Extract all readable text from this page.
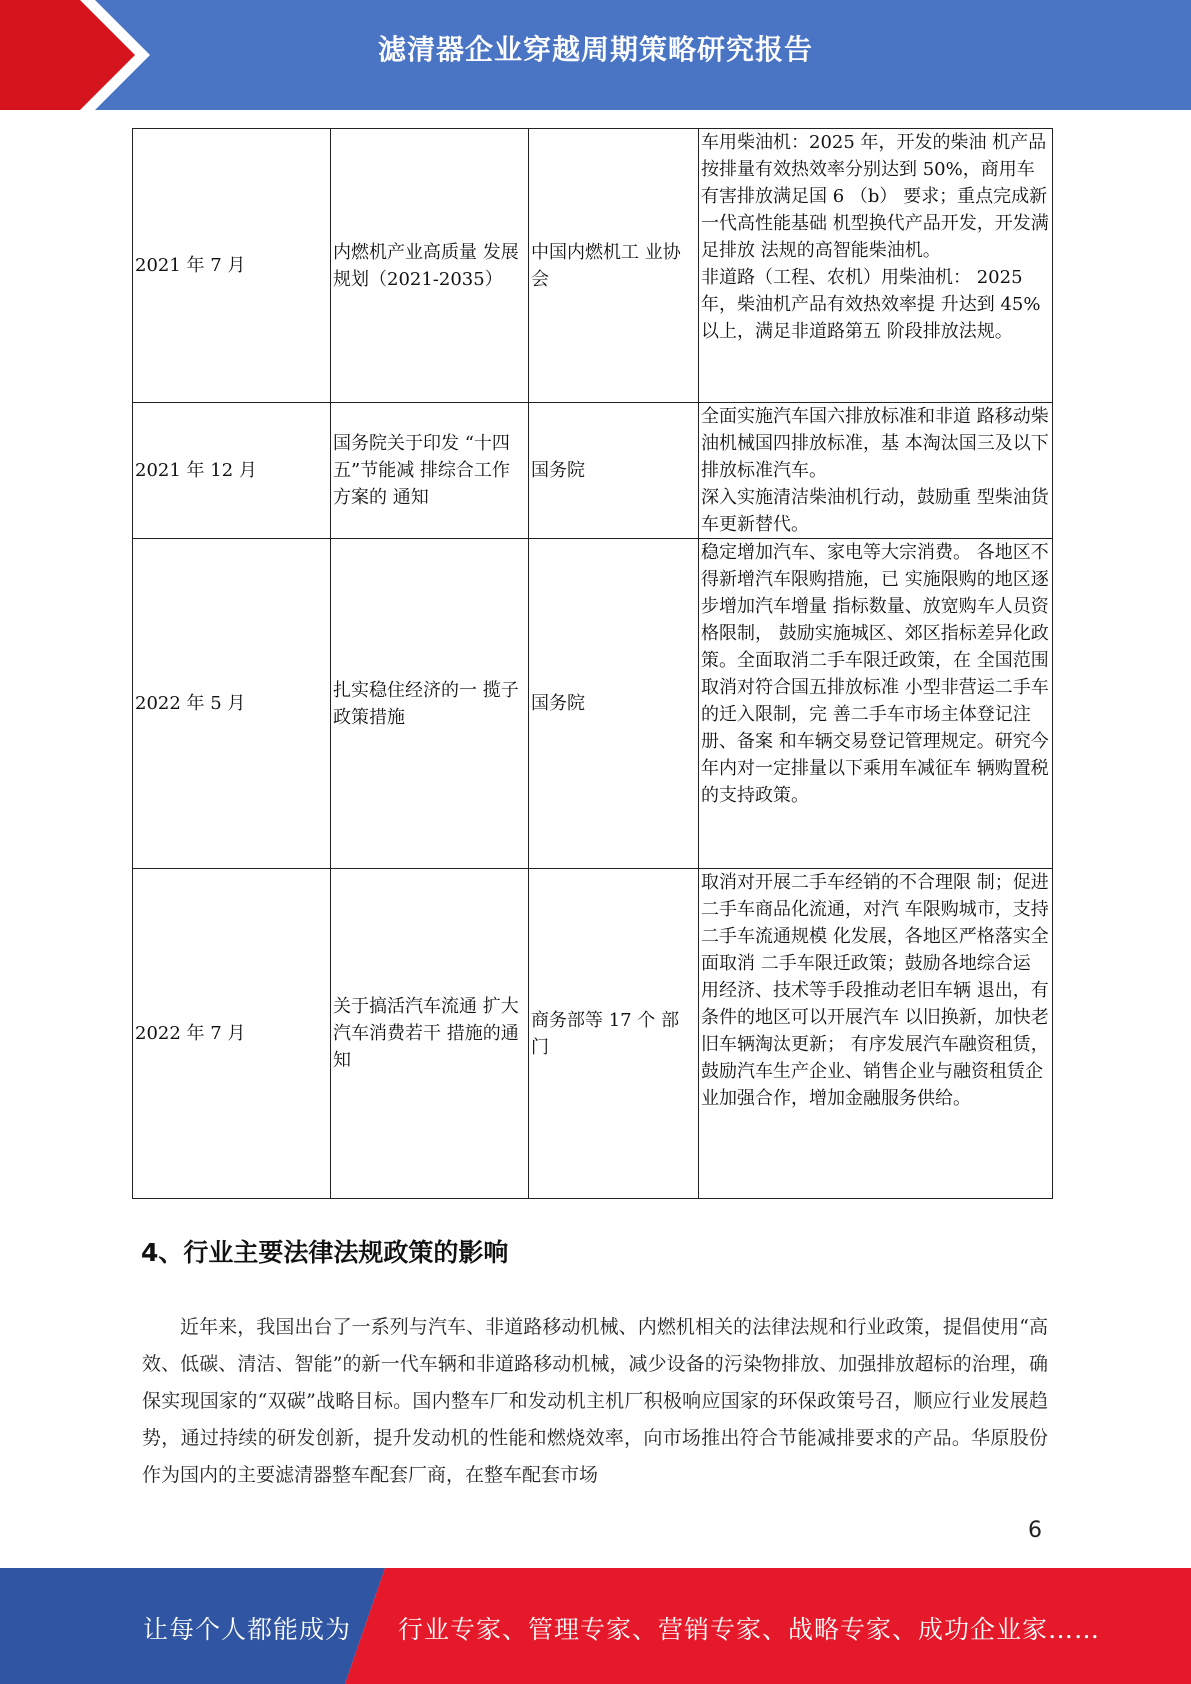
滤清器企业穿越周期策略研究报告
2021 年 7 月	内燃机产业高质量 发展规划（2021-2035）	中国内燃机工 业协会	车用柴油机：2025 年，开发的柴油 机产品按排量有效热效率分别达到 50%，商用车有害排放满足国 6 （b） 要求；重点完成新一代高性能基础 机型换代产品开发，开发满足排放 法规的高智能柴油机。
非道路（工程、农机）用柴油机： 2025 年，柴油机产品有效热效率提 升达到 45%以上，满足非道路第五 阶段排放法规。

2021 年 12 月	国务院关于印发 “十四五”节能减 排综合工作方案的 通知	国务院	全面实施汽车国六排放标准和非道 路移动柴油机械国四排放标准，基 本淘汰国三及以下排放标准汽车。
深入实施清洁柴油机行动，鼓励重 型柴油货车更新替代。

2022 年 5 月	扎实稳住经济的一 揽子政策措施	国务院	稳定增加汽车、家电等大宗消费。 各地区不得新增汽车限购措施，已 实施限购的地区逐步增加汽车增量 指标数量、放宽购车人员资格限制， 鼓励实施城区、郊区指标差异化政 策。全面取消二手车限迁政策，在 全国范围取消对符合国五排放标准 小型非营运二手车的迁入限制，完 善二手车市场主体登记注册、备案 和车辆交易登记管理规定。研究今年内对一定排量以下乘用车减征车 辆购置税的支持政策。

2022 年 7 月	关于搞活汽车流通 扩大汽车消费若干 措施的通知	商务部等 17 个 部门	取消对开展二手车经销的不合理限 制；促进二手车商品化流通，对汽 车限购城市，支持二手车流通规模 化发展，各地区严格落实全面取消 二手车限迁政策；鼓励各地综合运 用经济、技术等手段推动老旧车辆 退出，有条件的地区可以开展汽车 以旧换新，加快老旧车辆淘汰更新； 有序发展汽车融资租赁，鼓励汽车生产企业、销售企业与融资租赁企 业加强合作，增加金融服务供给。
4、行业主要法律法规政策的影响
近年来，我国出台了一系列与汽车、非道路移动机械、内燃机相关的法律法规和行业政策，提倡使用“高效、低碳、清洁、智能”的新一代车辆和非道路移动机械，减少设备的污染物排放、加强排放超标的治理，确保实现国家的“双碳”战略目标。国内整车厂和发动机主机厂积极响应国家的环保政策号召，顺应行业发展趋势，通过持续的研发创新，提升发动机的性能和燃烧效率，向市场推出符合节能减排要求的产品。华原股份作为国内的主要滤清器整车配套厂商，在整车配套市场
6
让每个人都能成为 行业专家、管理专家、营销专家、战略专家、成功企业家……
